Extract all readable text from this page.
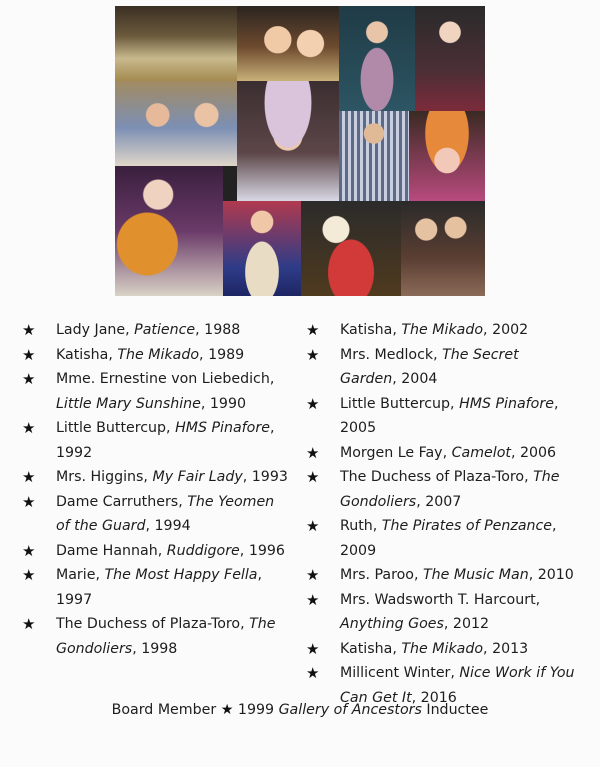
★ Lady Jane, Patience, 1988
★ Katisha, The Mikado, 1989
★ Mme. Ernestine von Liebedich, Little Mary Sunshine, 1990
★ Little Buttercup, HMS Pinafore, 1992
★ Mrs. Higgins, My Fair Lady, 1993
★ Dame Carruthers, The Yeomen of the Guard, 1994
★ Dame Hannah, Ruddigore, 1996
★ Marie, The Most Happy Fella, 1997
★ The Duchess of Plaza-Toro, The Gondoliers, 1998
★ Katisha, The Mikado, 2002
★ Mrs. Medlock, The Secret Garden, 2004
★ Little Buttercup, HMS Pinafore, 2005
★ Morgen Le Fay, Camelot, 2006
★ The Duchess of Plaza-Toro, The Gondoliers, 2007
★ Ruth, The Pirates of Penzance, 2009
★ Mrs. Paroo, The Music Man, 2010
★ Mrs. Wadsworth T. Harcourt, Anything Goes, 2012
★ Katisha, The Mikado, 2013
★ Millicent Winter, Nice Work if You Can Get It, 2016
Board Member ★ 1999 Gallery of Ancestors Inductee
